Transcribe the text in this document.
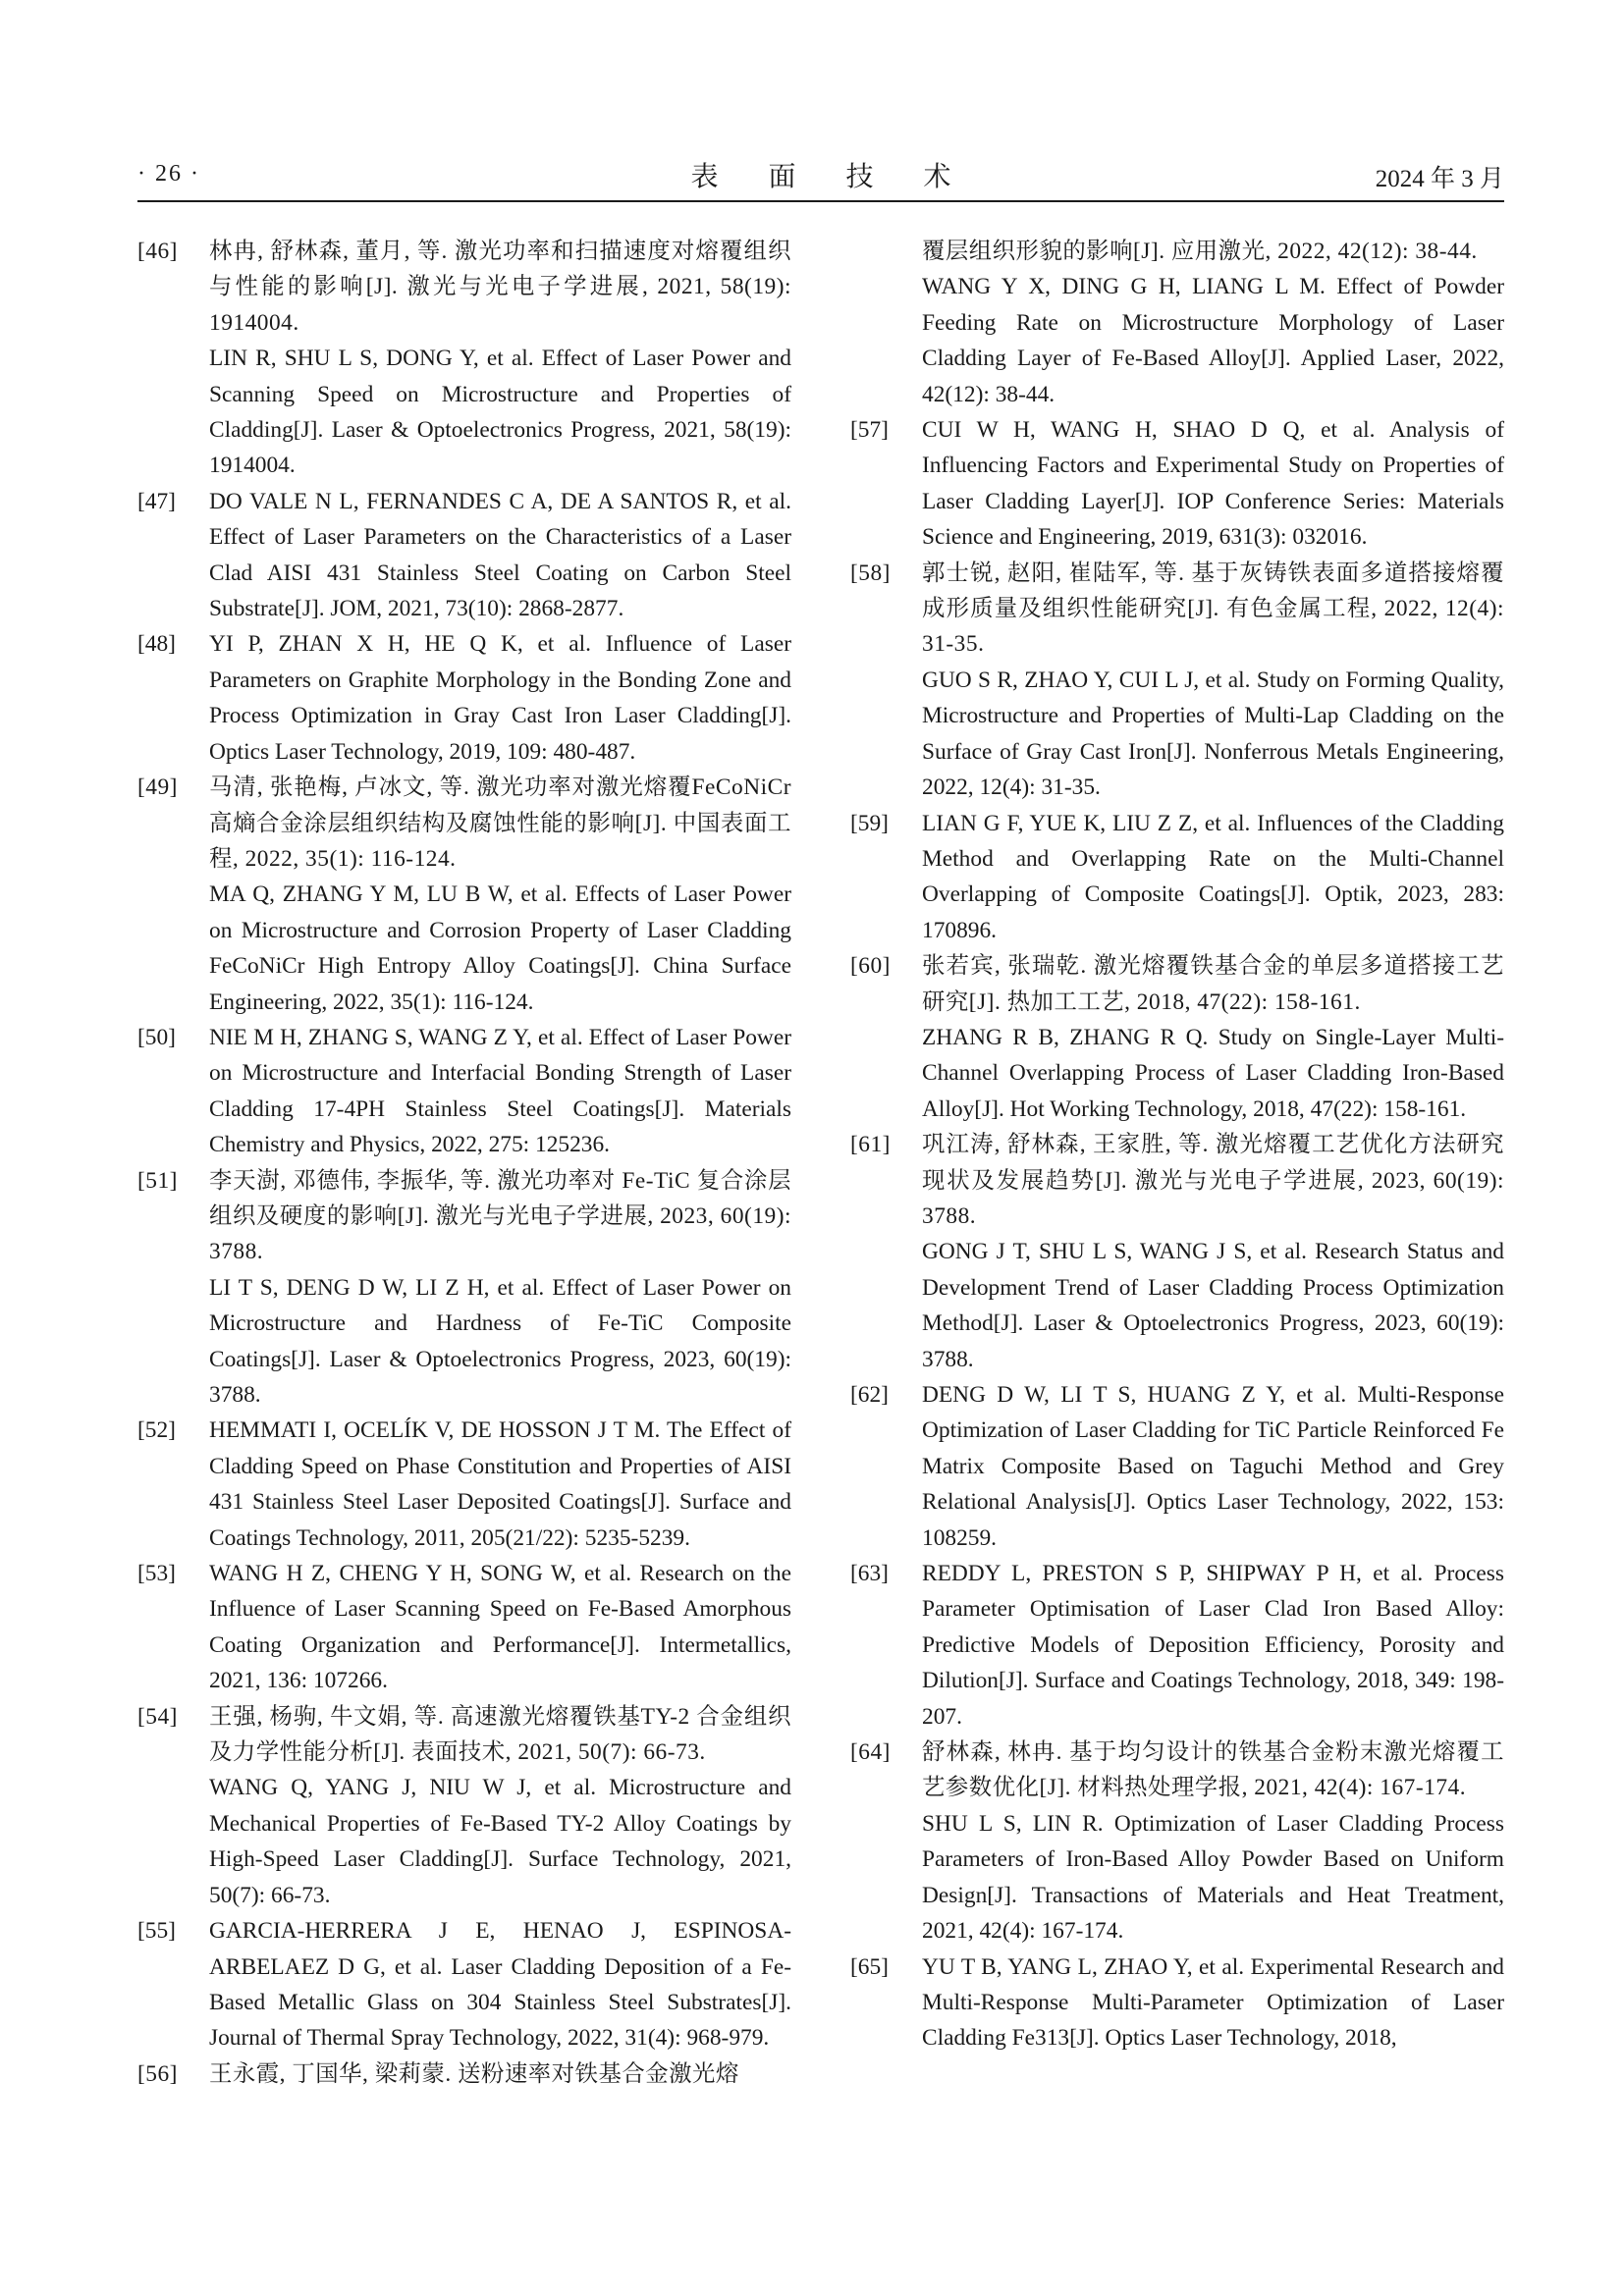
· 26 ·	表 面 技 术	2024 年 3 月
[46] 林冉, 舒林森, 董月, 等. 激光功率和扫描速度对熔覆组织与性能的影响[J]. 激光与光电子学进展, 2021, 58(19): 1914004.
LIN R, SHU L S, DONG Y, et al. Effect of Laser Power and Scanning Speed on Microstructure and Properties of Cladding[J]. Laser & Optoelectronics Progress, 2021, 58(19): 1914004.
[47] DO VALE N L, FERNANDES C A, DE A SANTOS R, et al. Effect of Laser Parameters on the Characteristics of a Laser Clad AISI 431 Stainless Steel Coating on Carbon Steel Substrate[J]. JOM, 2021, 73(10): 2868-2877.
[48] YI P, ZHAN X H, HE Q K, et al. Influence of Laser Parameters on Graphite Morphology in the Bonding Zone and Process Optimization in Gray Cast Iron Laser Cladding[J]. Optics Laser Technology, 2019, 109: 480-487.
[49] 马清, 张艳梅, 卢冰文, 等. 激光功率对激光熔覆FeCoNiCr 高熵合金涂层组织结构及腐蚀性能的影响[J]. 中国表面工程, 2022, 35(1): 116-124.
MA Q, ZHANG Y M, LU B W, et al. Effects of Laser Power on Microstructure and Corrosion Property of Laser Cladding FeCoNiCr High Entropy Alloy Coatings[J]. China Surface Engineering, 2022, 35(1): 116-124.
[50] NIE M H, ZHANG S, WANG Z Y, et al. Effect of Laser Power on Microstructure and Interfacial Bonding Strength of Laser Cladding 17-4PH Stainless Steel Coatings[J]. Materials Chemistry and Physics, 2022, 275: 125236.
[51] 李天澍, 邓德伟, 李振华, 等. 激光功率对 Fe-TiC 复合涂层组织及硬度的影响[J]. 激光与光电子学进展, 2023, 60(19): 3788.
LI T S, DENG D W, LI Z H, et al. Effect of Laser Power on Microstructure and Hardness of Fe-TiC Composite Coatings[J]. Laser & Optoelectronics Progress, 2023, 60(19): 3788.
[52] HEMMATI I, OCELÍK V, DE HOSSON J T M. The Effect of Cladding Speed on Phase Constitution and Properties of AISI 431 Stainless Steel Laser Deposited Coatings[J]. Surface and Coatings Technology, 2011, 205(21/22): 5235-5239.
[53] WANG H Z, CHENG Y H, SONG W, et al. Research on the Influence of Laser Scanning Speed on Fe-Based Amorphous Coating Organization and Performance[J]. Intermetallics, 2021, 136: 107266.
[54] 王强, 杨驹, 牛文娟, 等. 高速激光熔覆铁基TY-2 合金组织及力学性能分析[J]. 表面技术, 2021, 50(7): 66-73.
WANG Q, YANG J, NIU W J, et al. Microstructure and Mechanical Properties of Fe-Based TY-2 Alloy Coatings by High-Speed Laser Cladding[J]. Surface Technology, 2021, 50(7): 66-73.
[55] GARCIA-HERRERA J E, HENAO J, ESPINOSA-ARBELAEZ D G, et al. Laser Cladding Deposition of a Fe-Based Metallic Glass on 304 Stainless Steel Substrates[J]. Journal of Thermal Spray Technology, 2022, 31(4): 968-979.
[56] 王永霞, 丁国华, 梁莉蒙. 送粉速率对铁基合金激光熔
覆层组织形貌的影响[J]. 应用激光, 2022, 42(12): 38-44.
WANG Y X, DING G H, LIANG L M. Effect of Powder Feeding Rate on Microstructure Morphology of Laser Cladding Layer of Fe-Based Alloy[J]. Applied Laser, 2022, 42(12): 38-44.
[57] CUI W H, WANG H, SHAO D Q, et al. Analysis of Influencing Factors and Experimental Study on Properties of Laser Cladding Layer[J]. IOP Conference Series: Materials Science and Engineering, 2019, 631(3): 032016.
[58] 郭士锐, 赵阳, 崔陆军, 等. 基于灰铸铁表面多道搭接熔覆成形质量及组织性能研究[J]. 有色金属工程, 2022, 12(4): 31-35.
GUO S R, ZHAO Y, CUI L J, et al. Study on Forming Quality, Microstructure and Properties of Multi-Lap Cladding on the Surface of Gray Cast Iron[J]. Nonferrous Metals Engineering, 2022, 12(4): 31-35.
[59] LIAN G F, YUE K, LIU Z Z, et al. Influences of the Cladding Method and Overlapping Rate on the Multi-Channel Overlapping of Composite Coatings[J]. Optik, 2023, 283: 170896.
[60] 张若宾, 张瑞乾. 激光熔覆铁基合金的单层多道搭接工艺研究[J]. 热加工工艺, 2018, 47(22): 158-161.
ZHANG R B, ZHANG R Q. Study on Single-Layer Multi-Channel Overlapping Process of Laser Cladding Iron-Based Alloy[J]. Hot Working Technology, 2018, 47(22): 158-161.
[61] 巩江涛, 舒林森, 王家胜, 等. 激光熔覆工艺优化方法研究现状及发展趋势[J]. 激光与光电子学进展, 2023, 60(19): 3788.
GONG J T, SHU L S, WANG J S, et al. Research Status and Development Trend of Laser Cladding Process Optimization Method[J]. Laser & Optoelectronics Progress, 2023, 60(19): 3788.
[62] DENG D W, LI T S, HUANG Z Y, et al. Multi-Response Optimization of Laser Cladding for TiC Particle Reinforced Fe Matrix Composite Based on Taguchi Method and Grey Relational Analysis[J]. Optics Laser Technology, 2022, 153: 108259.
[63] REDDY L, PRESTON S P, SHIPWAY P H, et al. Process Parameter Optimisation of Laser Clad Iron Based Alloy: Predictive Models of Deposition Efficiency, Porosity and Dilution[J]. Surface and Coatings Technology, 2018, 349: 198-207.
[64] 舒林森, 林冉. 基于均匀设计的铁基合金粉末激光熔覆工艺参数优化[J]. 材料热处理学报, 2021, 42(4): 167-174.
SHU L S, LIN R. Optimization of Laser Cladding Process Parameters of Iron-Based Alloy Powder Based on Uniform Design[J]. Transactions of Materials and Heat Treatment, 2021, 42(4): 167-174.
[65] YU T B, YANG L, ZHAO Y, et al. Experimental Research and Multi-Response Multi-Parameter Optimization of Laser Cladding Fe313[J]. Optics Laser Technology, 2018,
